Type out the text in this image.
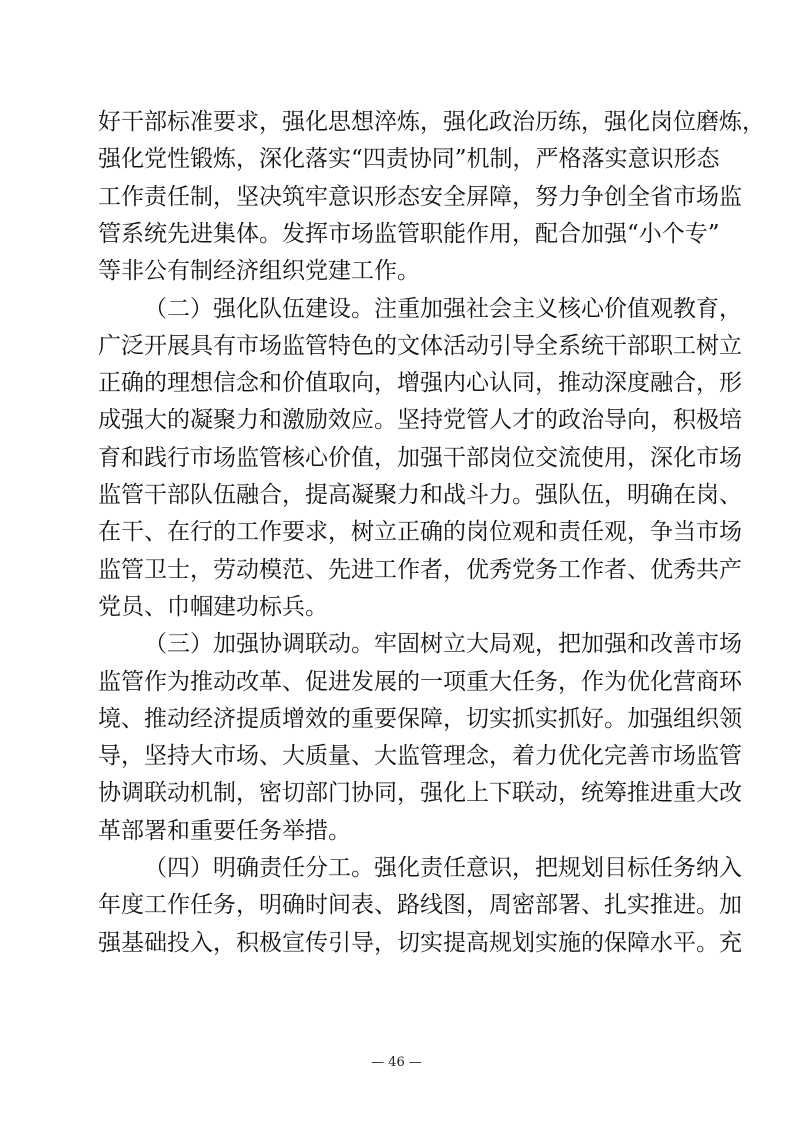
好干部标准要求，强化思想淬炼，强化政治历练，强化岗位磨炼，
强化党性锻炼，深化落实“四责协同”机制，严格落实意识形态
工作责任制，坚决筑牢意识形态安全屏障，努力争创全省市场监
管系统先进集体。发挥市场监管职能作用，配合加强“小个专”
等非公有制经济组织党建工作。
（二）强化队伍建设。注重加强社会主义核心价值观教育，
广泛开展具有市场监管特色的文体活动引导全系统干部职工树立
正确的理想信念和价值取向，增强内心认同，推动深度融合，形
成强大的凝聚力和激励效应。坚持党管人才的政治导向，积极培
育和践行市场监管核心价值，加强干部岗位交流使用，深化市场
监管干部队伍融合，提高凝聚力和战斗力。强队伍，明确在岗、
在干、在行的工作要求，树立正确的岗位观和责任观，争当市场
监管卫士，劳动模范、先进工作者，优秀党务工作者、优秀共产
党员、巾帼建功标兵。
（三）加强协调联动。牢固树立大局观，把加强和改善市场
监管作为推动改革、促进发展的一项重大任务，作为优化营商环
境、推动经济提质增效的重要保障，切实抓实抓好。加强组织领
导，坚持大市场、大质量、大监管理念，着力优化完善市场监管
协调联动机制，密切部门协同，强化上下联动，统筹推进重大改
革部署和重要任务举措。
（四）明确责任分工。强化责任意识，把规划目标任务纳入
年度工作任务，明确时间表、路线图，周密部署、扎实推进。加
强基础投入，积极宣传引导，切实提高规划实施的保障水平。充
— 46 —
